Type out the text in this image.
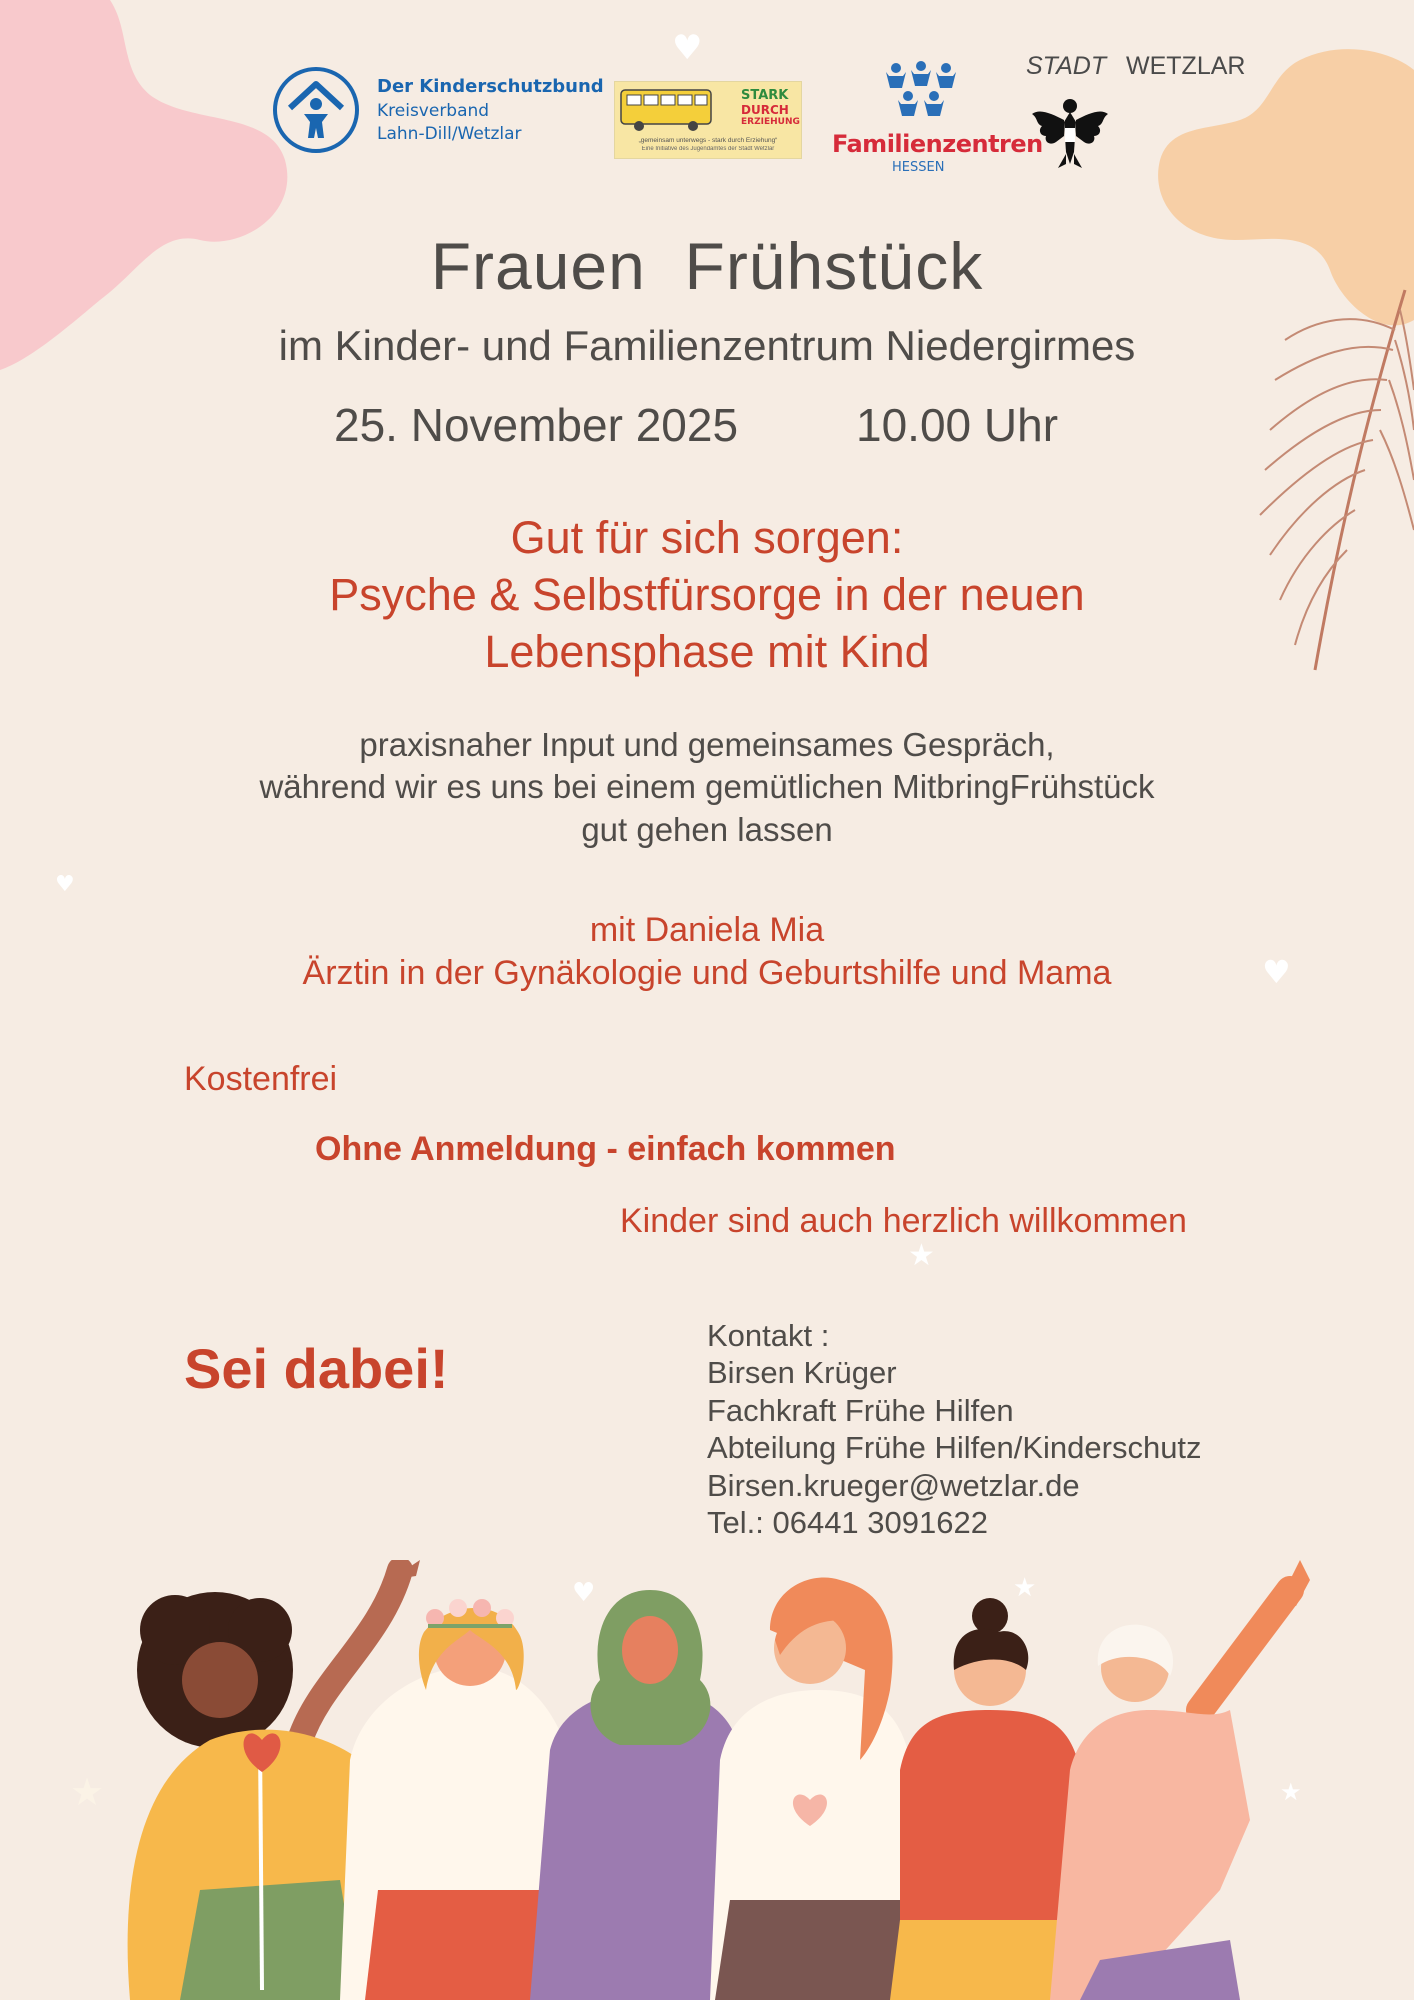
♥
♥
♥
♥
★
★
★	★
Der Kinderschutzbund
Kreisverband
Lahn-Dill/Wetzlar
STARK
DURCH
ERZIEHUNG
„gemeinsam unterwegs - stark durch Erziehung“
Eine Initiative des Jugendamtes der Stadt Wetzlar	Familienzentren
HESSEN
STADT WETZLAR
Frauen  Frühstück
im Kinder- und Familienzentrum Niedergirmes
25. November 2025	10.00 Uhr
Gut für sich sorgen:
Psyche & Selbstfürsorge in der neuen
Lebensphase mit Kind
praxisnaher Input und gemeinsames Gespräch,
während wir es uns bei einem gemütlichen MitbringFrühstück
gut gehen lassen
mit Daniela Mia
Ärztin in der Gynäkologie und Geburtshilfe und Mama
Kostenfrei
Ohne Anmeldung - einfach kommen
Kinder sind auch herzlich willkommen
Sei dabei!
Kontakt :
Birsen Krüger
Fachkraft Frühe Hilfen
Abteilung Frühe Hilfen/Kinderschutz
Birsen.krueger@wetzlar.de
Tel.: 06441 3091622
